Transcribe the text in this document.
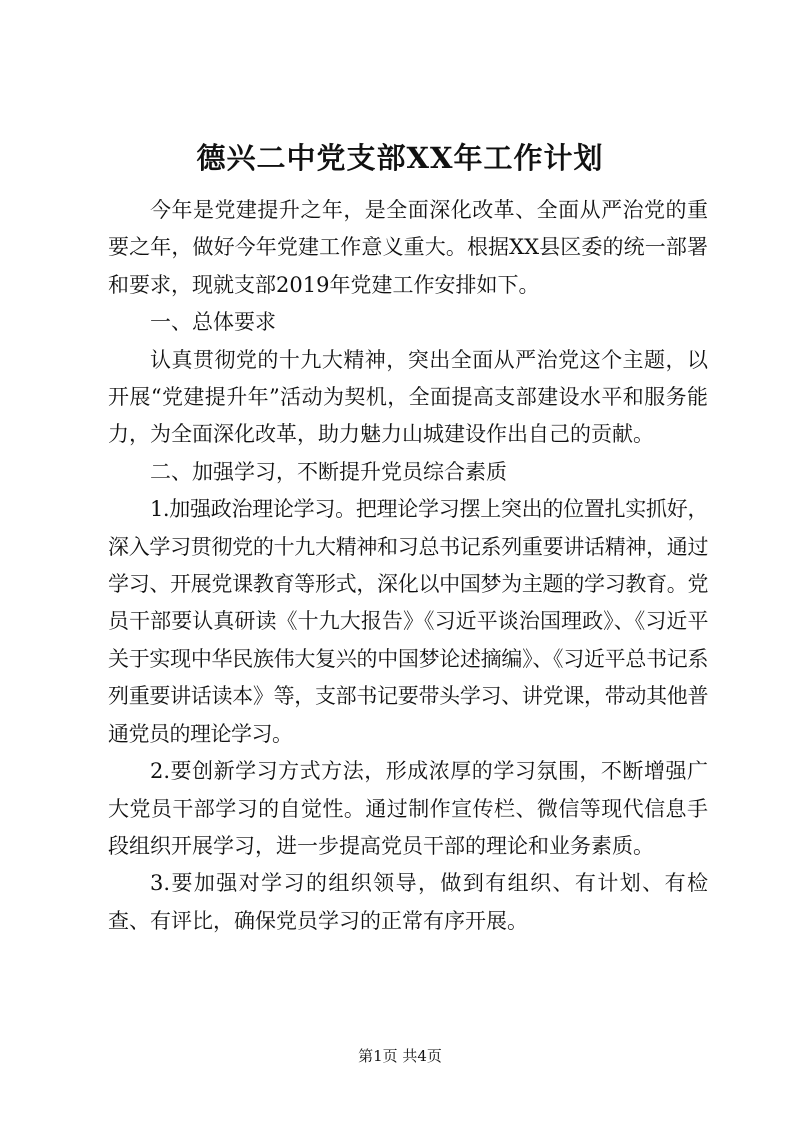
德兴二中党支部XX年工作计划

今年是党建提升之年，是全面深化改革、全面从严治党的重要之年，做好今年党建工作意义重大。根据XX县区委的统一部署和要求，现就支部2019年党建工作安排如下。

一、总体要求

认真贯彻党的十九大精神，突出全面从严治党这个主题，以开展“党建提升年”活动为契机，全面提高支部建设水平和服务能力，为全面深化改革，助力魅力山城建设作出自己的贡献。

二、加强学习，不断提升党员综合素质

1.加强政治理论学习。把理论学习摆上突出的位置扎实抓好，深入学习贯彻党的十九大精神和习总书记系列重要讲话精神，通过学习、开展党课教育等形式，深化以中国梦为主题的学习教育。党员干部要认真研读《十九大报告》《习近平谈治国理政》、《习近平关于实现中华民族伟大复兴的中国梦论述摘编》、《习近平总书记系列重要讲话读本》等，支部书记要带头学习、讲党课，带动其他普通党员的理论学习。

2.要创新学习方式方法，形成浓厚的学习氛围，不断增强广大党员干部学习的自觉性。通过制作宣传栏、微信等现代信息手段组织开展学习，进一步提高党员干部的理论和业务素质。

3.要加强对学习的组织领导，做到有组织、有计划、有检查、有评比，确保党员学习的正常有序开展。

第1页 共4页
